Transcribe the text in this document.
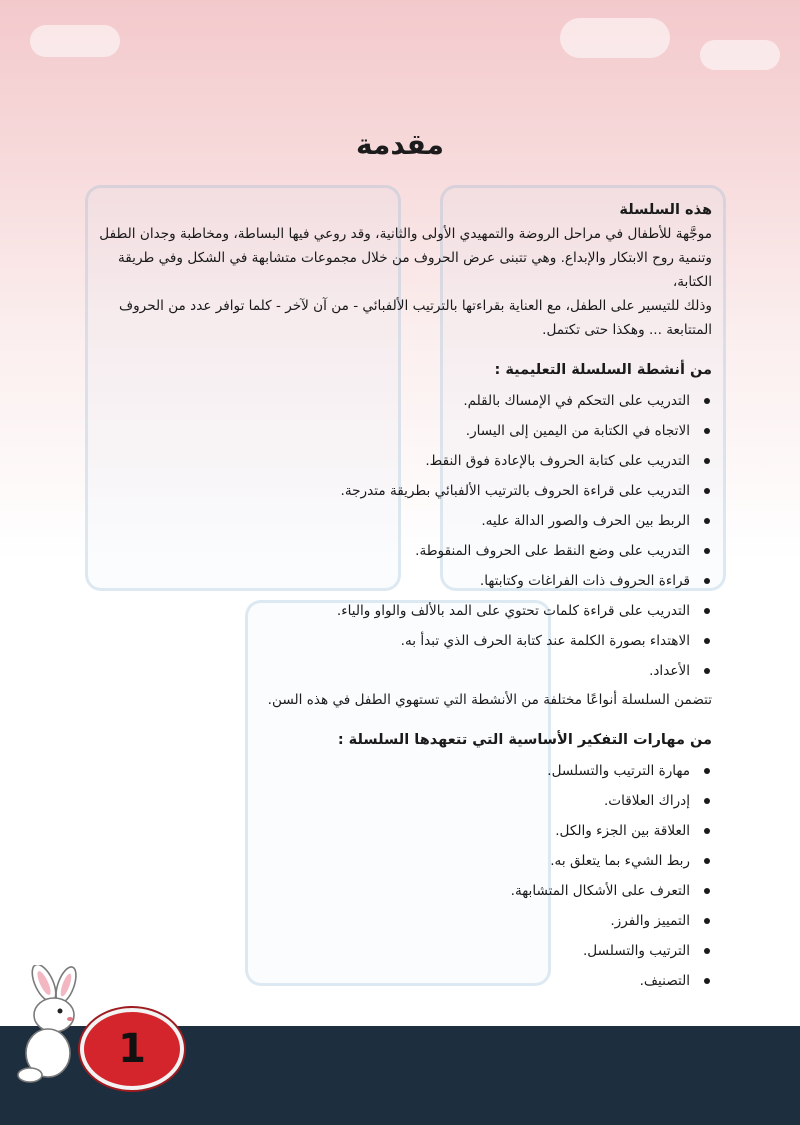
مقدمة

هذه السلسلة

موجَّهة للأطفال في مراحل الروضة والتمهيدي الأولى والثانية، وقد روعي فيها البساطة، ومخاطبة وجدان الطفل

وتنمية روح الابتكار والإبداع. وهي تتبنى عرض الحروف من خلال مجموعات متشابهة في الشكل وفي طريقة الكتابة،

وذلك للتيسير على الطفل، مع العناية بقراءتها بالترتيب الألفبائي - من آن لآخر - كلما توافر عدد من الحروف

المتتابعة ... وهكذا حتى تكتمل.

من أنشطة السلسلة التعليمية :

التدريب على التحكم في الإمساك بالقلم.
الاتجاه في الكتابة من اليمين إلى اليسار.
التدريب على كتابة الحروف بالإعادة فوق النقط.
التدريب على قراءة الحروف بالترتيب الألفبائي بطريقة متدرجة.
الربط بين الحرف والصور الدالة عليه.
التدريب على وضع النقط على الحروف المنقوطة.
قراءة الحروف ذات الفراغات وكتابتها.
التدريب على قراءة كلمات تحتوي على المد بالألف والواو والياء.
الاهتداء بصورة الكلمة عند كتابة الحرف الذي تبدأ به.
الأعداد.

تتضمن السلسلة أنواعًا مختلفة من الأنشطة التي تستهوي الطفل في هذه السن.

من مهارات التفكير الأساسية التي تتعهدها السلسلة :

مهارة الترتيب والتسلسل.
إدراك العلاقات.
العلاقة بين الجزء والكل.
ربط الشيء بما يتعلق به.
التعرف على الأشكال المتشابهة.
التمييز والفرز.
الترتيب والتسلسل.
التصنيف.
1
